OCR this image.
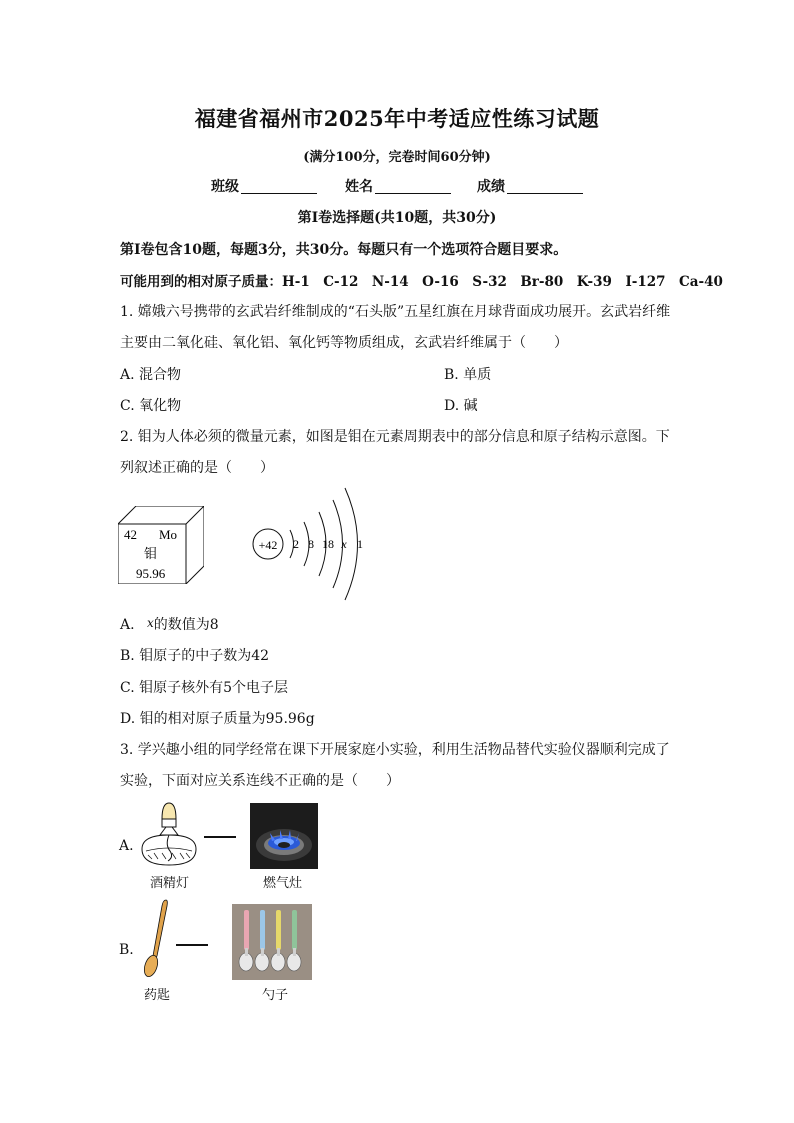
福建省福州市2025年中考适应性练习试题
(满分100分，完卷时间60分钟)
班级	姓名	成绩
第Ⅰ卷选择题(共10题，共30分)
第Ⅰ卷包含10题，每题3分，共30分。每题只有一个选项符合题目要求。
可能用到的相对原子质量：H-1　C-12　N-14　O-16　S-32　Br-80　K-39　I-127　Ca-40
1. 嫦娥六号携带的玄武岩纤维制成的“石头版”五星红旗在月球背面成功展开。玄武岩纤维
主要由二氧化硅、氧化铝、氧化钙等物质组成，玄武岩纤维属于（　　）
A. 混合物	B. 单质
C. 氧化物	D. 碱
2. 钼为人体必须的微量元素，如图是钼在元素周期表中的部分信息和原子结构示意图。下
列叙述正确的是（　　）
42 Mo
钼
95.96
+42 2 8 18 x 1
A. x的数值为8
B. 钼原子的中子数为42
C. 钼原子核外有5个电子层
D. 钼的相对原子质量为95.96g
3. 学兴趣小组的同学经常在课下开展家庭小实验，利用生活物品替代实验仪器顺利完成了
实验，下面对应关系连线不正确的是（　　）
A.
酒精灯	燃气灶
B.
药匙	勺子
